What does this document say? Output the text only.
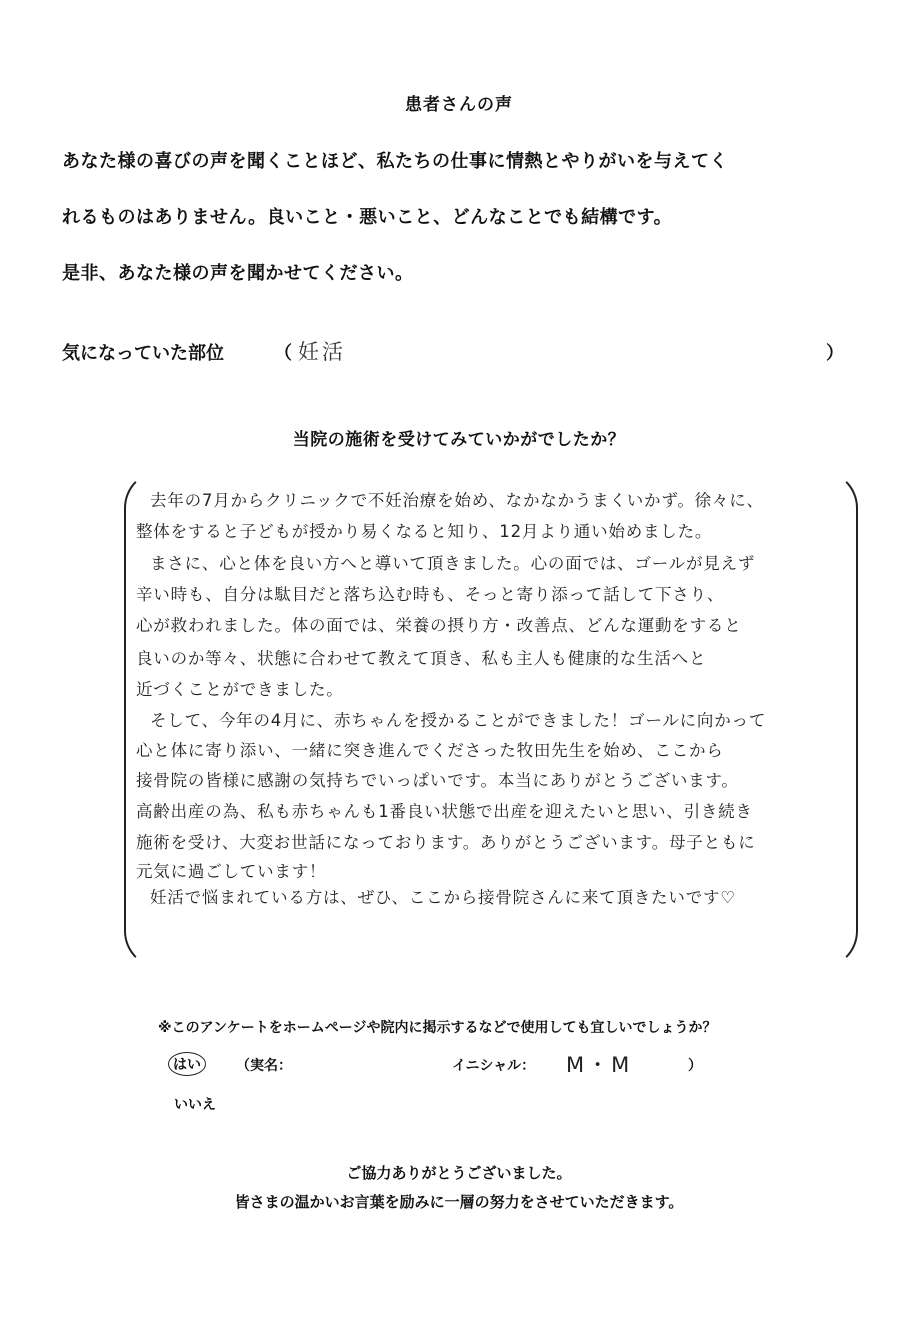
患者さんの声
あなた様の喜びの声を聞くことほど、私たちの仕事に情熱とやりがいを与えてく
れるものはありません。良いこと・悪いこと、どんなことでも結構です。
是非、あなた様の声を聞かせてください。
気になっていた部位	（ 妊活	）
当院の施術を受けてみていかがでしたか？
去年の7月からクリニックで不妊治療を始め、なかなかうまくいかず。徐々に、
整体をすると子どもが授かり易くなると知り、12月より通い始めました。
まさに、心と体を良い方へと導いて頂きました。心の面では、ゴールが見えず
辛い時も、自分は駄目だと落ち込む時も、そっと寄り添って話して下さり、
心が救われました。体の面では、栄養の摂り方・改善点、どんな運動をすると
良いのか等々、状態に合わせて教えて頂き、私も主人も健康的な生活へと
近づくことができました。
そして、今年の4月に、赤ちゃんを授かることができました！ゴールに向かって
心と体に寄り添い、一緒に突き進んでくださった牧田先生を始め、ここから
接骨院の皆様に感謝の気持ちでいっぱいです。本当にありがとうございます。
高齢出産の為、私も赤ちゃんも1番良い状態で出産を迎えたいと思い、引き続き
施術を受け、大変お世話になっております。ありがとうございます。母子ともに
元気に過ごしています！
妊活で悩まれている方は、ぜひ、ここから接骨院さんに来て頂きたいです♡
※このアンケートをホームページや院内に掲示するなどで使用しても宜しいでしょうか？
はい	（実名：	イニシャル： M・M	）
いいえ
ご協力ありがとうございました。
皆さまの温かいお言葉を励みに一層の努力をさせていただきます。
